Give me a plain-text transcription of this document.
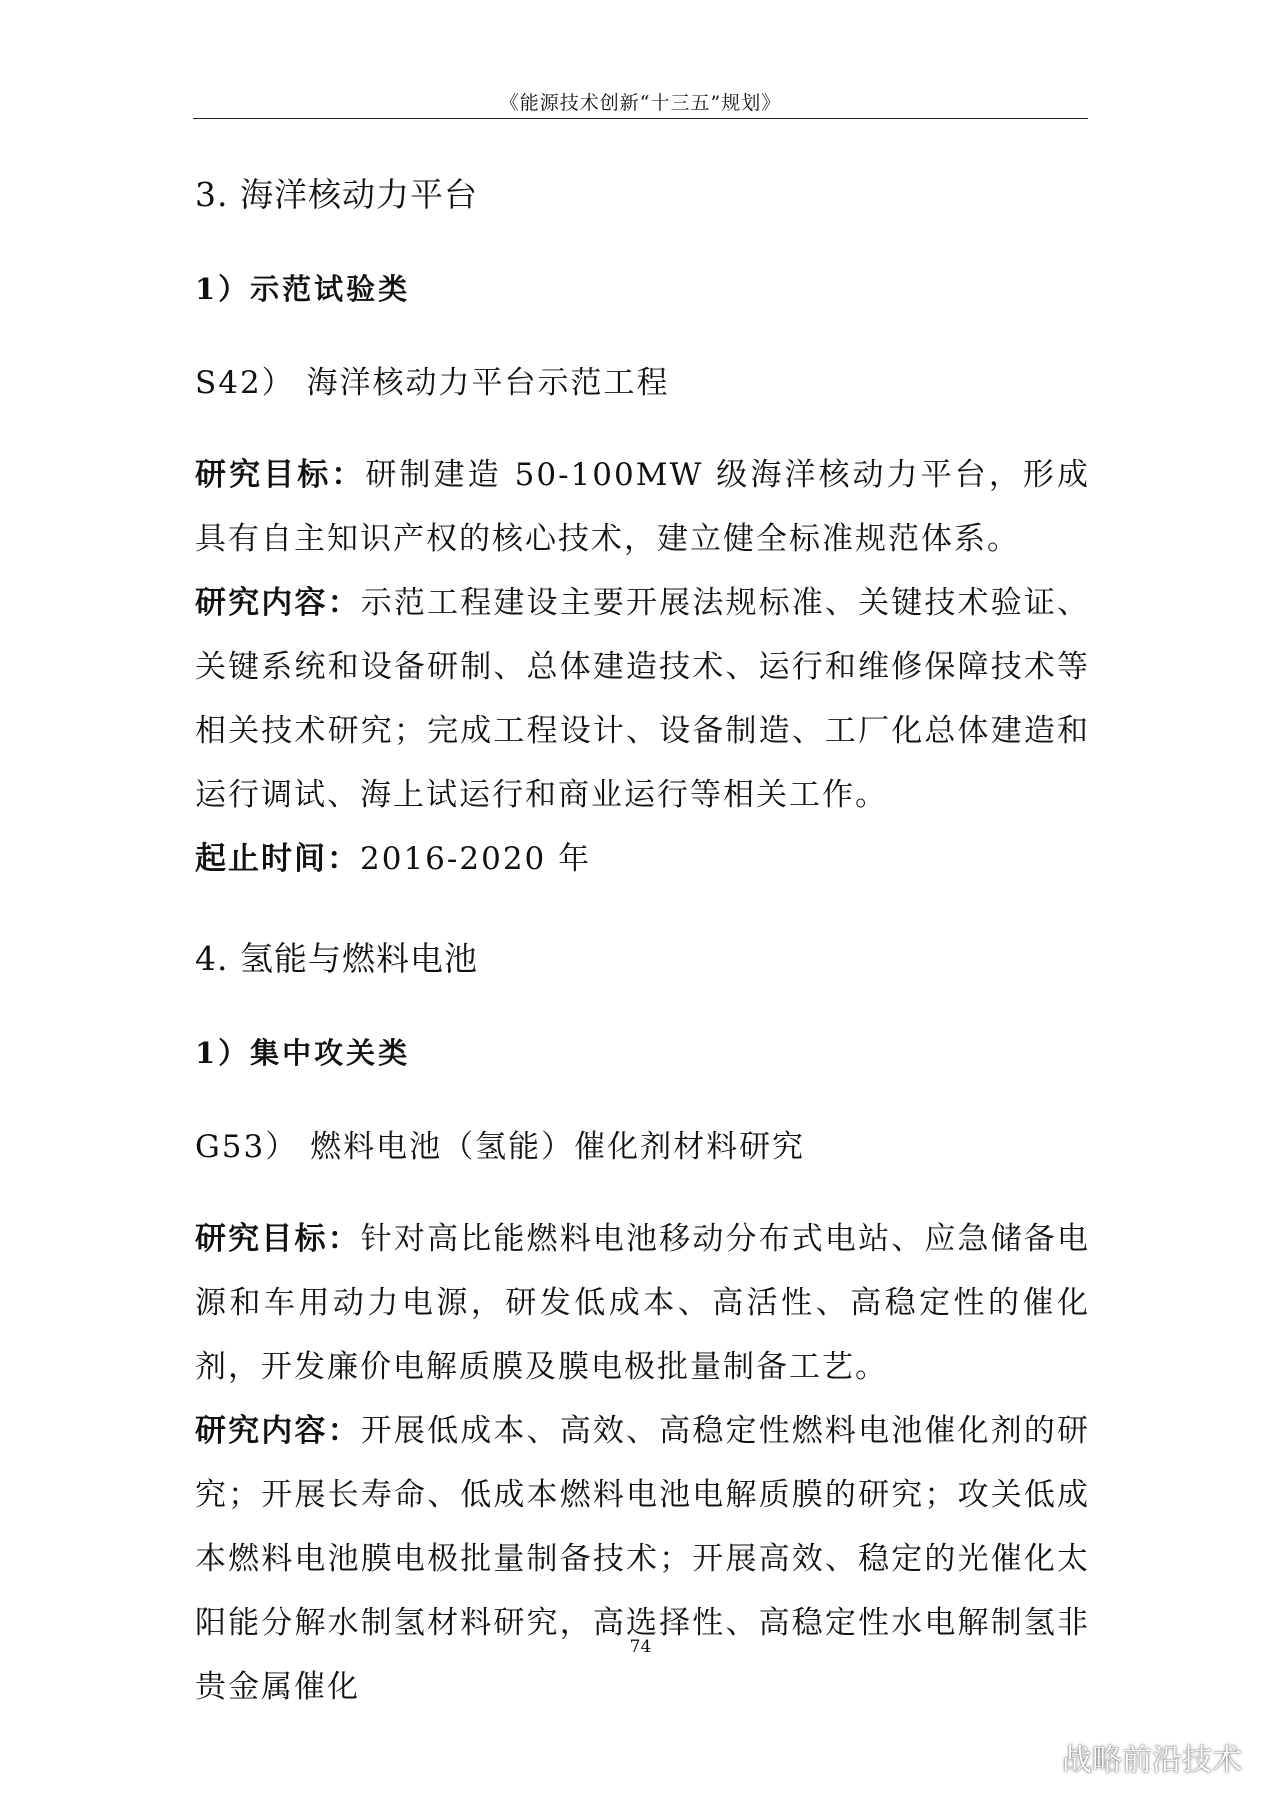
《能源技术创新“十三五”规划》
3. 海洋核动力平台
1）示范试验类
S42） 海洋核动力平台示范工程

研究目标：研制建造 50-100MW 级海洋核动力平台，形成具有自主知识产权的核心技术，建立健全标准规范体系。

研究内容：示范工程建设主要开展法规标准、关键技术验证、关键系统和设备研制、总体建造技术、运行和维修保障技术等相关技术研究；完成工程设计、设备制造、工厂化总体建造和运行调试、海上试运行和商业运行等相关工作。

起止时间：2016-2020 年

4. 氢能与燃料电池
1）集中攻关类
G53） 燃料电池（氢能）催化剂材料研究

研究目标：针对高比能燃料电池移动分布式电站、应急储备电源和车用动力电源，研发低成本、高活性、高稳定性的催化剂，开发廉价电解质膜及膜电极批量制备工艺。

研究内容：开展低成本、高效、高稳定性燃料电池催化剂的研究；开展长寿命、低成本燃料电池电解质膜的研究；攻关低成本燃料电池膜电极批量制备技术；开展高效、稳定的光催化太阳能分解水制氢材料研究，高选择性、高稳定性水电解制氢非贵金属催化

74
战略前沿技术
